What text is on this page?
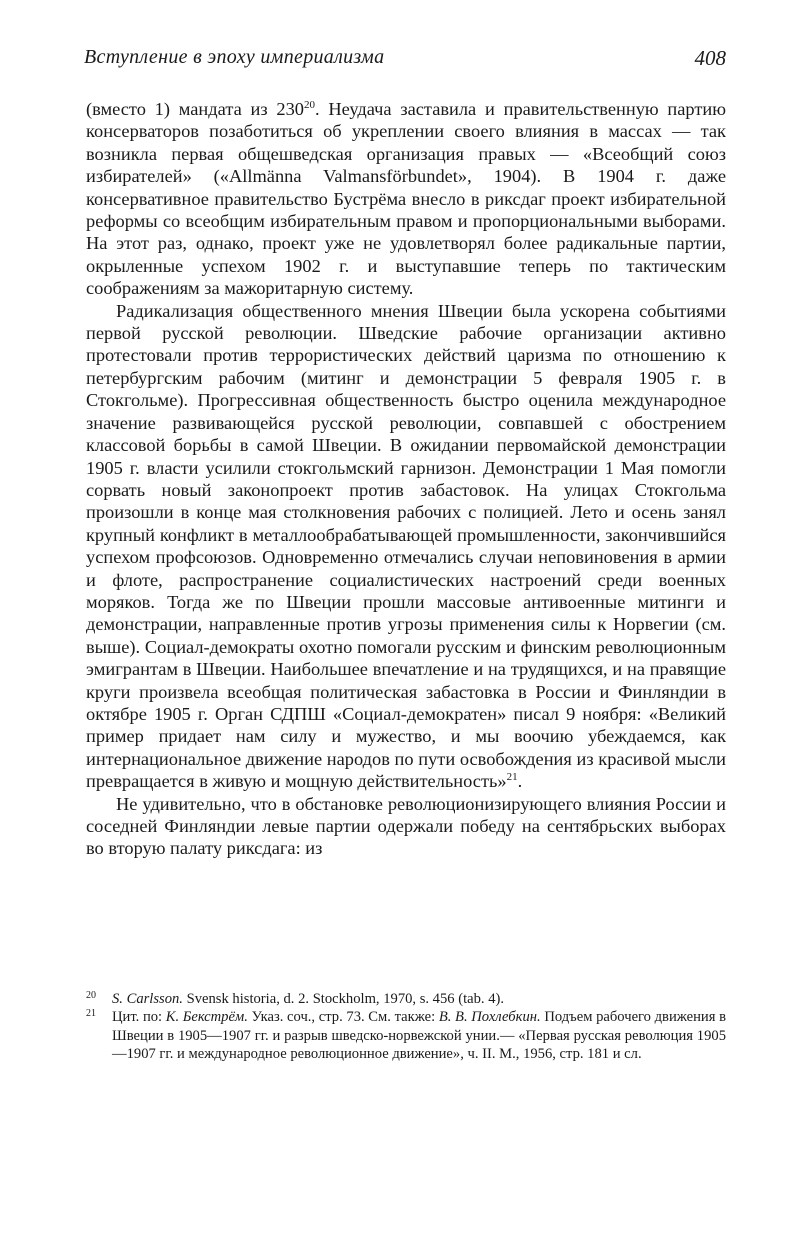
Вступление в эпоху империализма	408

(вместо 1) мандата из $230^{20}$. Неудача заставила и правительственную партию консерваторов позаботиться об укреплении своего влияния в массах — так возникла первая общешведская организация правых — «Всеобщий союз избирателей» («Allmänna Valmansförbundet», 1904). В 1904 г. даже консервативное правительство Бустрёма внесло в риксдаг проект избирательной реформы со всеобщим избирательным правом и пропорциональными выборами. На этот раз, однако, проект уже не удовлетворял более радикальные партии, окрыленные успехом 1902 г. и выступавшие теперь по тактическим соображениям за мажоритарную систему.

Радикализация общественного мнения Швеции была ускорена событиями первой русской революции. Шведские рабочие организации активно протестовали против террористических действий царизма по отношению к петербургским рабочим (митинг и демонстрации 5 февраля 1905 г. в Стокгольме). Прогрессивная общественность быстро оценила международное значение развивающейся русской революции, совпавшей с обострением классовой борьбы в самой Швеции. В ожидании первомайской демонстрации 1905 г. власти усилили стокгольмский гарнизон. Демонстрации 1 Мая помогли сорвать новый законопроект против забастовок. На улицах Стокгольма произошли в конце мая столкновения рабочих с полицией. Лето и осень занял крупный конфликт в металлообрабатывающей промышленности, закончившийся успехом профсоюзов. Одновременно отмечались случаи неповиновения в армии и флоте, распространение социалистических настроений среди военных моряков. Тогда же по Швеции прошли массовые антивоенные митинги и демонстрации, направленные против угрозы применения силы к Норвегии (см. выше). Социал-демократы охотно помогали русским и финским революционным эмигрантам в Швеции. Наибольшее впечатление и на трудящихся, и на правящие круги произвела всеобщая политическая забастовка в России и Финляндии в октябре 1905 г. Орган СДПШ «Социал-демократен» писал 9 ноября: «Великий пример придает нам силу и мужество, и мы воочию убеждаемся, как интернациональное движение народов по пути освобождения из красивой мысли превращается в живую и мощную действительность»$^{21}$.

Не удивительно, что в обстановке революционизирующего влияния России и соседней Финляндии левые партии одержали победу на сентябрьских выборах во вторую палату риксдага: из

20	S. Carlsson. Svensk historia, d. 2. Stockholm, 1970, s. 456 (tab. 4).
21	Цит. по: К. Бекстрём. Указ. соч., стр. 73. См. также: В. В. Похлебкин. Подъем рабочего движения в Швеции в 1905—1907 гг. и разрыв шведско-норвежской унии.— «Первая русская революция 1905—1907 гг. и международное революционное движение», ч. II. М., 1956, стр. 181 и сл.
